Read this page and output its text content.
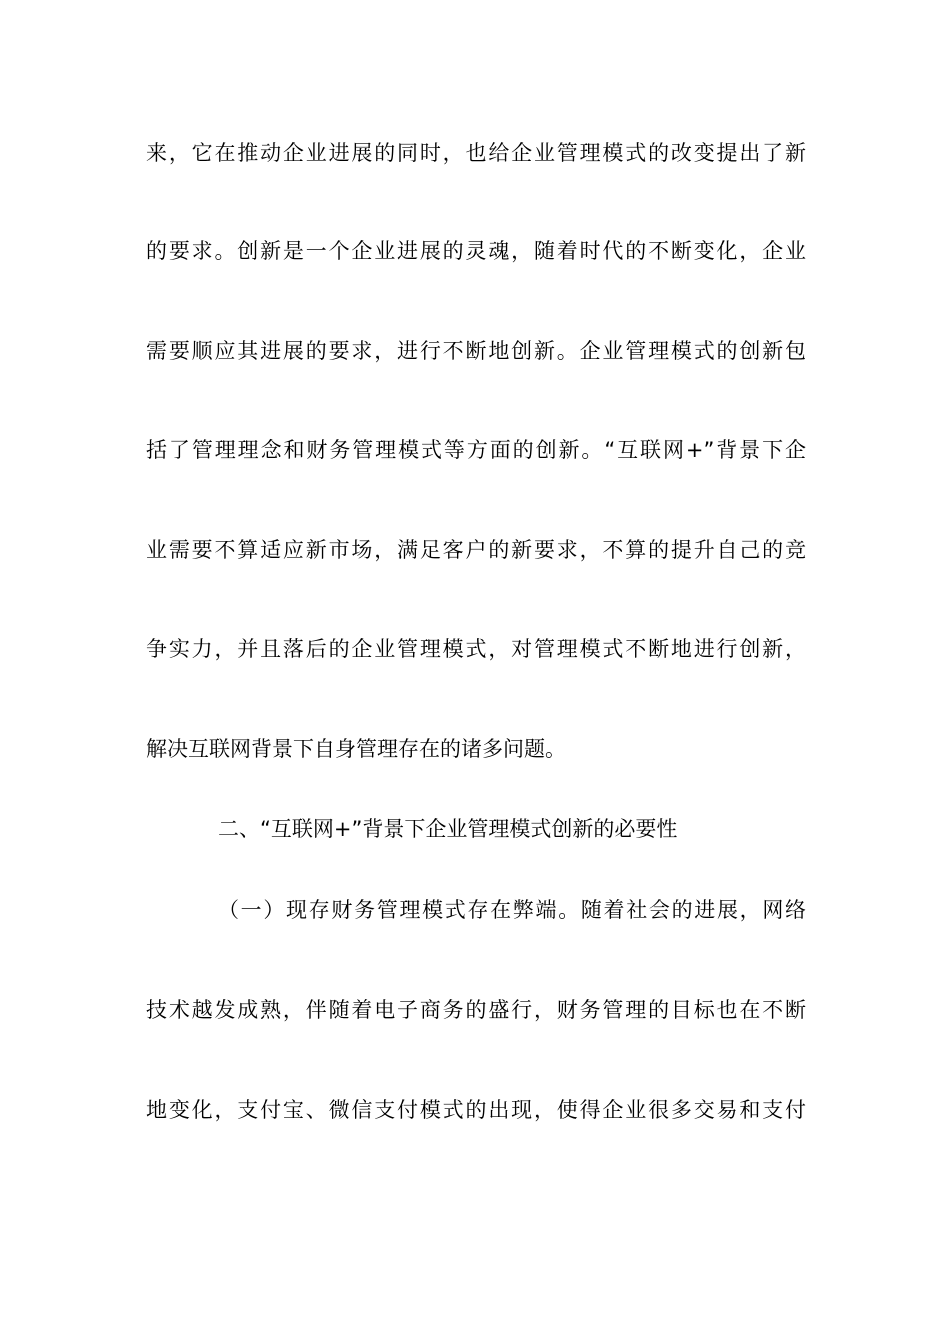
来，它在推动企业进展的同时，也给企业管理模式的改变提出了新
的要求。创新是一个企业进展的灵魂，随着时代的不断变化，企业
需要顺应其进展的要求，进行不断地创新。企业管理模式的创新包
括了管理理念和财务管理模式等方面的创新。“互联网+”背景下企
业需要不算适应新市场，满足客户的新要求，不算的提升自己的竞
争实力，并且落后的企业管理模式，对管理模式不断地进行创新，
解决互联网背景下自身管理存在的诸多问题。
二、“互联网+”背景下企业管理模式创新的必要性
（一）现存财务管理模式存在弊端。随着社会的进展，网络
技术越发成熟，伴随着电子商务的盛行，财务管理的目标也在不断
地变化，支付宝、微信支付模式的出现，使得企业很多交易和支付
